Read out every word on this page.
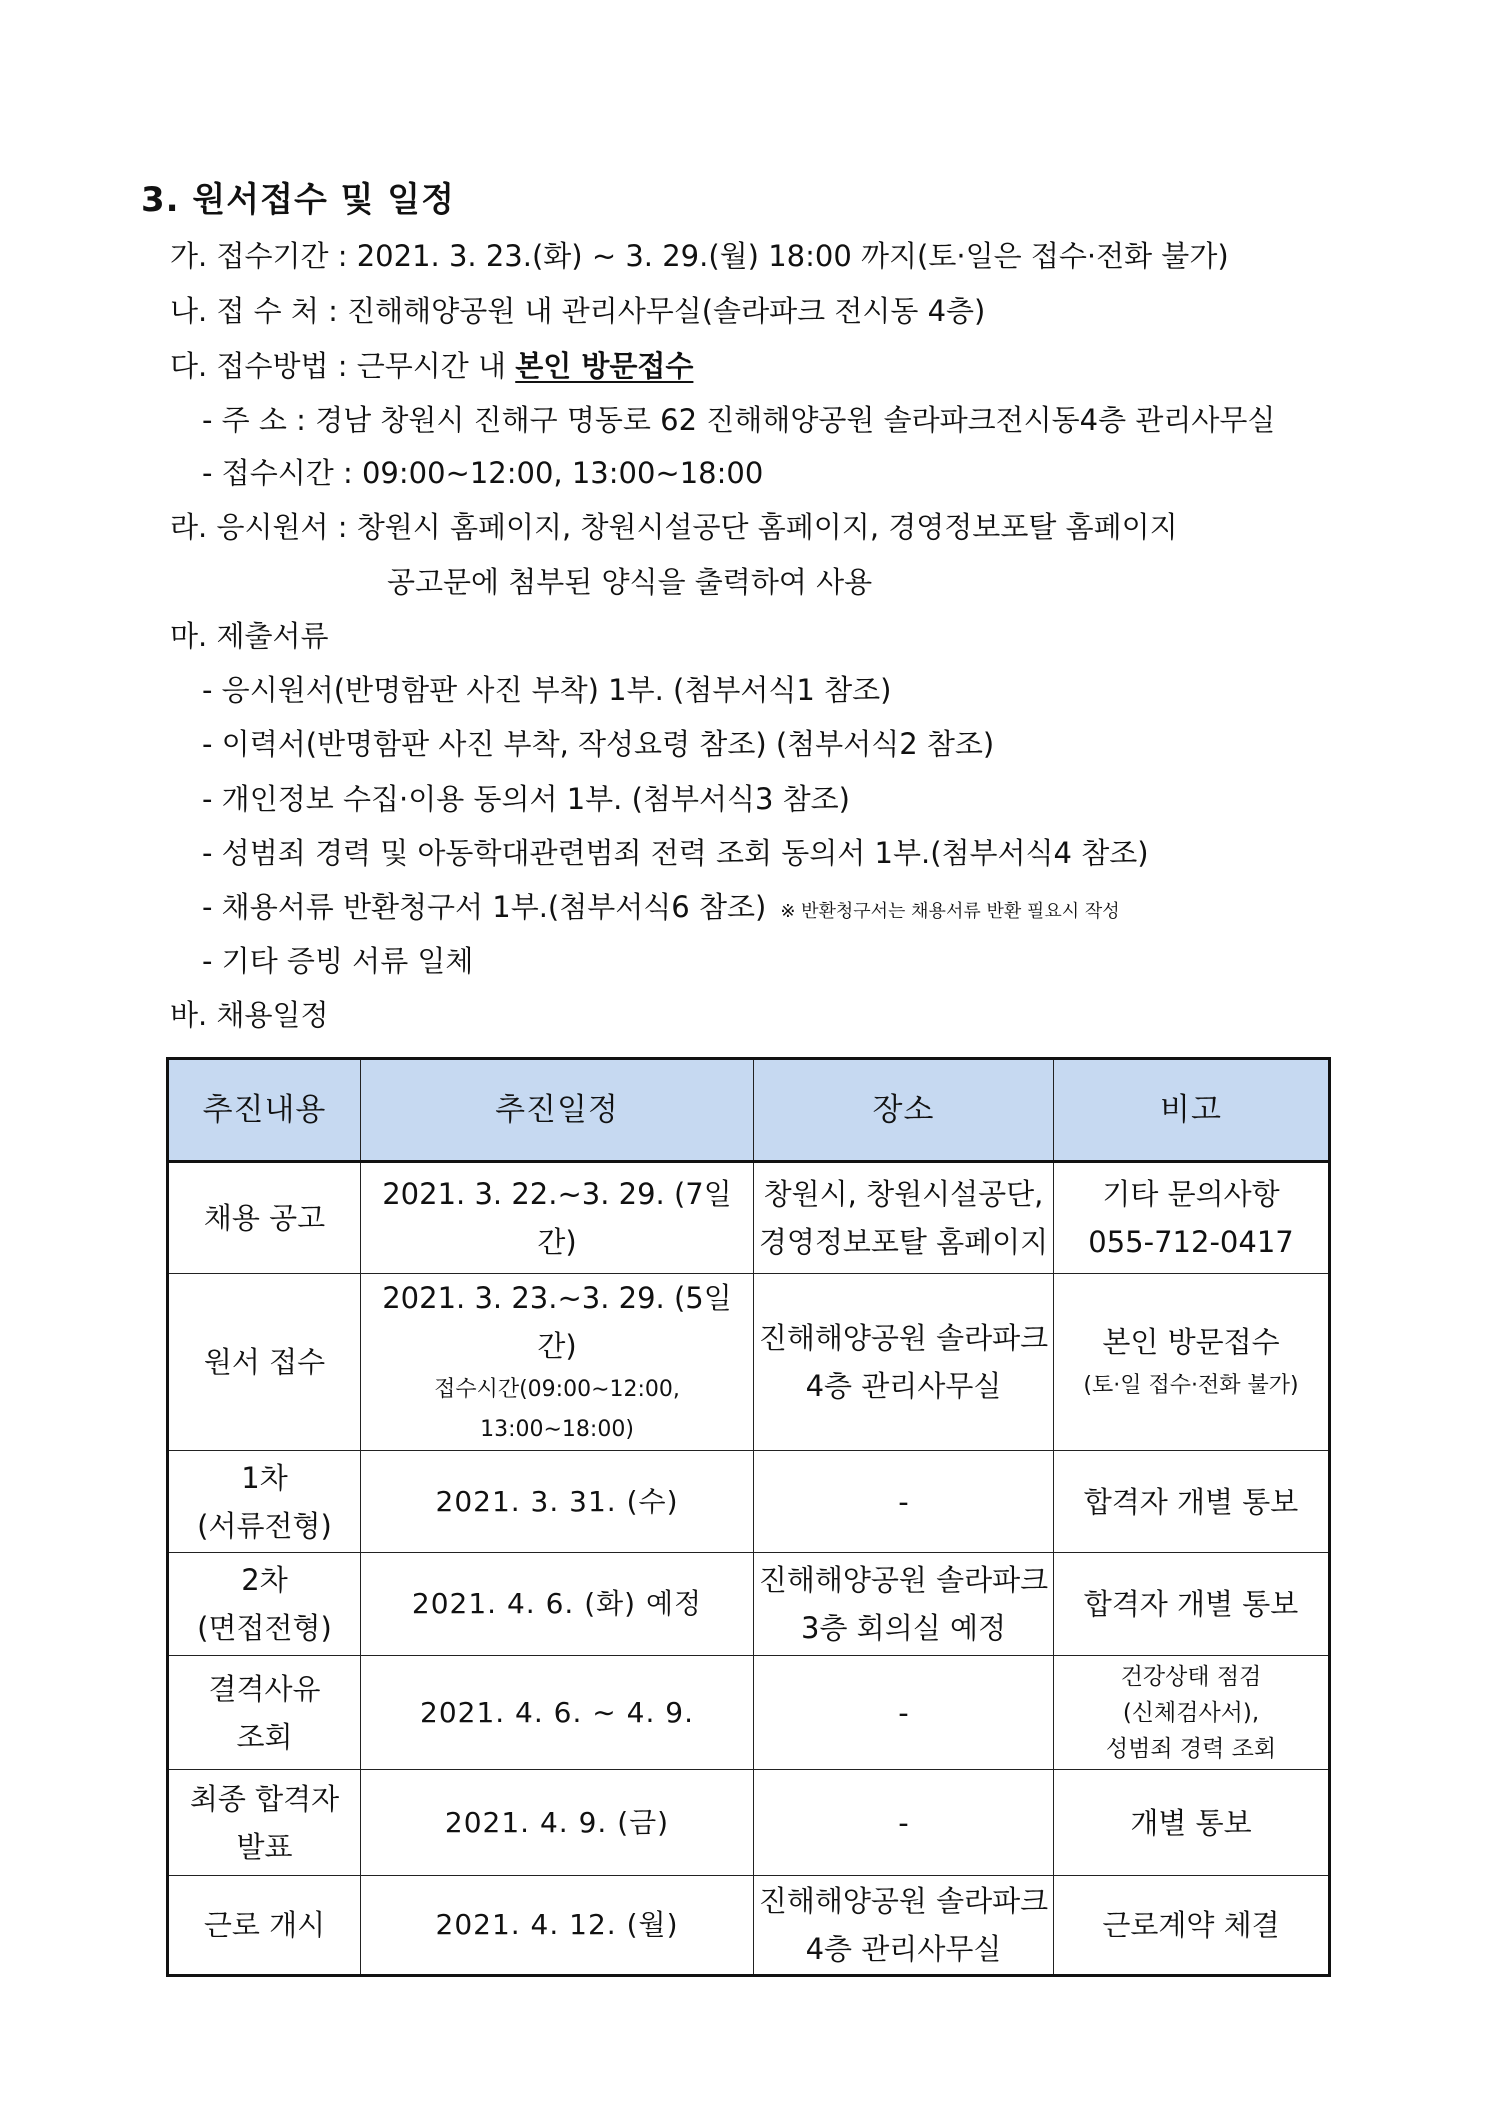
3. 원서접수 및 일정
가. 접수기간 : 2021. 3. 23.(화) ~ 3. 29.(월) 18:00 까지(토·일은 접수·전화 불가)
나. 접 수 처 : 진해해양공원 내 관리사무실(솔라파크 전시동 4층)
다. 접수방법 : 근무시간 내 본인 방문접수
- 주 소 : 경남 창원시 진해구 명동로 62 진해해양공원 솔라파크전시동4층 관리사무실
- 접수시간 : 09:00∼12:00, 13:00∼18:00
라. 응시원서 : 창원시 홈페이지, 창원시설공단 홈페이지, 경영정보포탈 홈페이지
공고문에 첨부된 양식을 출력하여 사용
마. 제출서류
- 응시원서(반명함판 사진 부착) 1부. (첨부서식1 참조)
- 이력서(반명함판 사진 부착, 작성요령 참조) (첨부서식2 참조)
- 개인정보 수집·이용 동의서 1부. (첨부서식3 참조)
- 성범죄 경력 및 아동학대관련범죄 전력 조회 동의서 1부.(첨부서식4 참조)
- 채용서류 반환청구서 1부.(첨부서식6 참조) ※ 반환청구서는 채용서류 반환 필요시 작성
- 기타 증빙 서류 일체
바. 채용일정
추진내용	추진일정	장소	비고

채용 공고	2021. 3. 22.∼3. 29. (7일간)	창원시, 창원시설공단,
경영정보포탈 홈페이지	기타 문의사항
055-712-0417

원서 접수	2021. 3. 23.∼3. 29. (5일간)
접수시간(09:00∼12:00, 13:00∼18:00)	진해해양공원 솔라파크
4층 관리사무실	본인 방문접수
(토·일 접수·전화 불가)

1차
(서류전형)	2021. 3. 31. (수)	-	합격자 개별 통보

2차
(면접전형)	2021. 4. 6. (화) 예정	진해해양공원 솔라파크
3층 회의실 예정	합격자 개별 통보

결격사유
조회	2021. 4. 6. ∼ 4. 9.	-	건강상태 점검
(신체검사서),
성범죄 경력 조회

최종 합격자
발표	2021. 4. 9. (금)	-	개별 통보

근로 개시	2021. 4. 12. (월)	진해해양공원 솔라파크
4층 관리사무실	근로계약 체결
